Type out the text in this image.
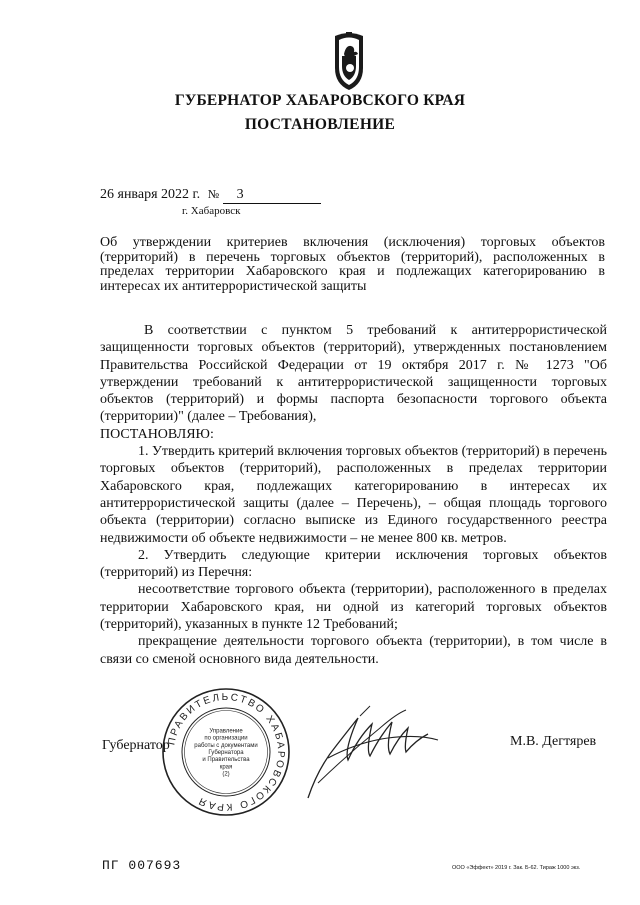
ГУБЕРНАТОР ХАБАРОВСКОГО КРАЯ
ПОСТАНОВЛЕНИЕ
26 января 2022 г. № 3
г. Хабаровск
Об утверждении критериев включения (исключения) торговых объектов (территорий) в перечень торговых объектов (территорий), расположенных в пределах территории Хабаровского края и подлежащих категорированию в интересах их антитеррористической защиты

В соответствии с пунктом 5 требований к антитеррористической защищенности торговых объектов (территорий), утвержденных постановлением Правительства Российской Федерации от 19 октября 2017 г. № 1273 "Об утверждении требований к антитеррористической защищенности торговых объектов (территорий) и формы паспорта безопасности торгового объекта (территории)" (далее – Требования),

ПОСТАНОВЛЯЮ:

1. Утвердить критерий включения торговых объектов (территорий) в перечень торговых объектов (территорий), расположенных в пределах территории Хабаровского края, подлежащих категорированию в интересах их антитеррористической защиты (далее – Перечень), – общая площадь торгового объекта (территории) согласно выписке из Единого государственного реестра недвижимости об объекте недвижимости – не менее 800 кв. метров.

2. Утвердить следующие критерии исключения торговых объектов (территорий) из Перечня:

несоответствие торгового объекта (территории), расположенного в пределах территории Хабаровского края, ни одной из категорий торговых объектов (территорий), указанных в пункте 12 Требований;

прекращение деятельности торгового объекта (территории), в том числе в связи со сменой основного вида деятельности.

ПРАВИТЕЛЬСТВО ХАБАРОВСКОГО КРАЯ
Управление
по организации
работы с документами
Губернатора
и Правительства
края
(2)
Губернатор	М.В. Дегтярев
ПГ 007693	ООО «Эффект» 2019 г. Зак. Б-62. Тираж 1000 экз.
